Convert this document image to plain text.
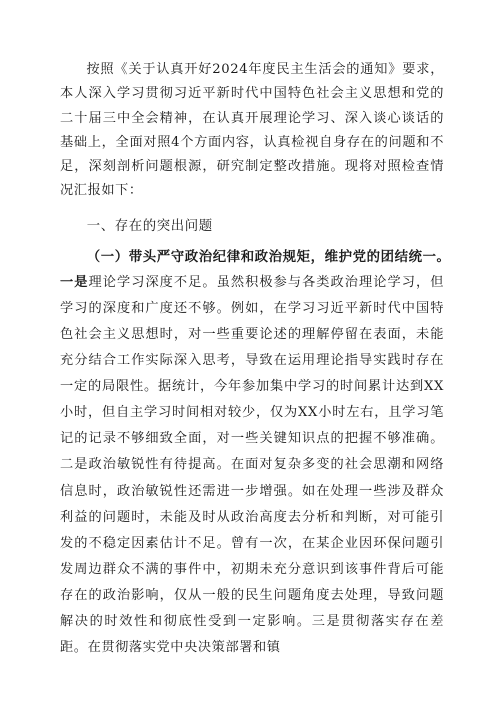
按照《关于认真开好2024年度民主生活会的通知》要求，本人深入学习贯彻习近平新时代中国特色社会主义思想和党的二十届三中全会精神，在认真开展理论学习、深入谈心谈话的基础上，全面对照4个方面内容，认真检视自身存在的问题和不足，深刻剖析问题根源，研究制定整改措施。现将对照检查情况汇报如下：

一、存在的突出问题
（一）带头严守政治纪律和政治规矩，维护党的团结统一。

一是理论学习深度不足。虽然积极参与各类政治理论学习，但学习的深度和广度还不够。例如，在学习习近平新时代中国特色社会主义思想时，对一些重要论述的理解停留在表面，未能充分结合工作实际深入思考，导致在运用理论指导实践时存在一定的局限性。据统计，今年参加集中学习的时间累计达到XX小时，但自主学习时间相对较少，仅为XX小时左右，且学习笔记的记录不够细致全面，对一些关键知识点的把握不够准确。二是政治敏锐性有待提高。在面对复杂多变的社会思潮和网络信息时，政治敏锐性还需进一步增强。如在处理一些涉及群众利益的问题时，未能及时从政治高度去分析和判断，对可能引发的不稳定因素估计不足。曾有一次，在某企业因环保问题引发周边群众不满的事件中，初期未充分意识到该事件背后可能存在的政治影响，仅从一般的民生问题角度去处理，导致问题解决的时效性和彻底性受到一定影响。三是贯彻落实存在差距。在贯彻落实党中央决策部署和镇
